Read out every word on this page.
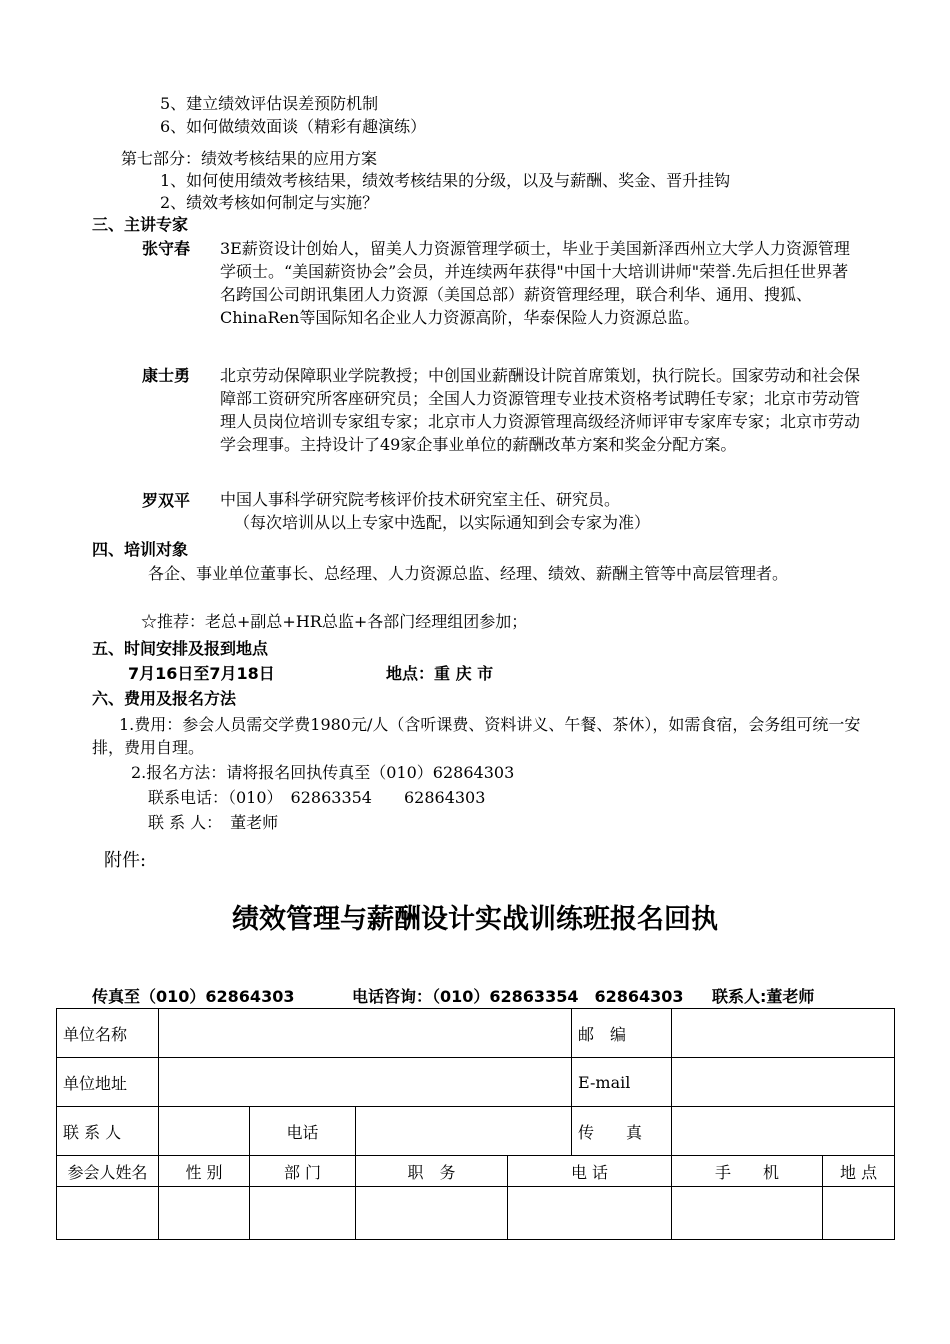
5、建立绩效评估误差预防机制
6、如何做绩效面谈（精彩有趣演练）
第七部分：绩效考核结果的应用方案
1、如何使用绩效考核结果，绩效考核结果的分级，以及与薪酬、奖金、晋升挂钩
2、绩效考核如何制定与实施？
三、主讲专家
张守春 3E薪资设计创始人，留美人力资源管理学硕士，毕业于美国新泽西州立大学人力资源管理学硕士。“美国薪资协会”会员，并连续两年获得"中国十大培训讲师"荣誉.先后担任世界著名跨国公司朗讯集团人力资源（美国总部）薪资管理经理，联合利华、通用、搜狐、ChinaRen等国际知名企业人力资源高阶，华泰保险人力资源总监。
康士勇 北京劳动保障职业学院教授；中创国业薪酬设计院首席策划，执行院长。国家劳动和社会保障部工资研究所客座研究员；全国人力资源管理专业技术资格考试聘任专家；北京市劳动管理人员岗位培训专家组专家；北京市人力资源管理高级经济师评审专家库专家；北京市劳动学会理事。主持设计了49家企事业单位的薪酬改革方案和奖金分配方案。
罗双平 中国人事科学研究院考核评价技术研究室主任、研究员。
（每次培训从以上专家中选配，以实际通知到会专家为准）
四、培训对象
各企、事业单位董事长、总经理、人力资源总监、经理、绩效、薪酬主管等中高层管理者。
☆推荐：老总+副总+HR总监+各部门经理组团参加；
五、时间安排及报到地点
7月16日至7月18日	地点：重 庆 市
六、费用及报名方法
1.费用：参会人员需交学费1980元/人（含听课费、资料讲义、午餐、茶休），如需食宿，会务组可统一安排，费用自理。
2.报名方法：请将报名回执传真至（010）62864303
联系电话：（010）　62863354　　62864303
联 系 人：　董老师
附件:
绩效管理与薪酬设计实战训练班报名回执
传真至（010）62864303	电话咨询：（010）62863354　62864303 联系人:董老师
单位名称					邮　编		
单位地址					E-mail		
联 系 人		电话			传　　真		
参会人姓名	性 别	部 门	职　务	电 话		手　　机	地 点
